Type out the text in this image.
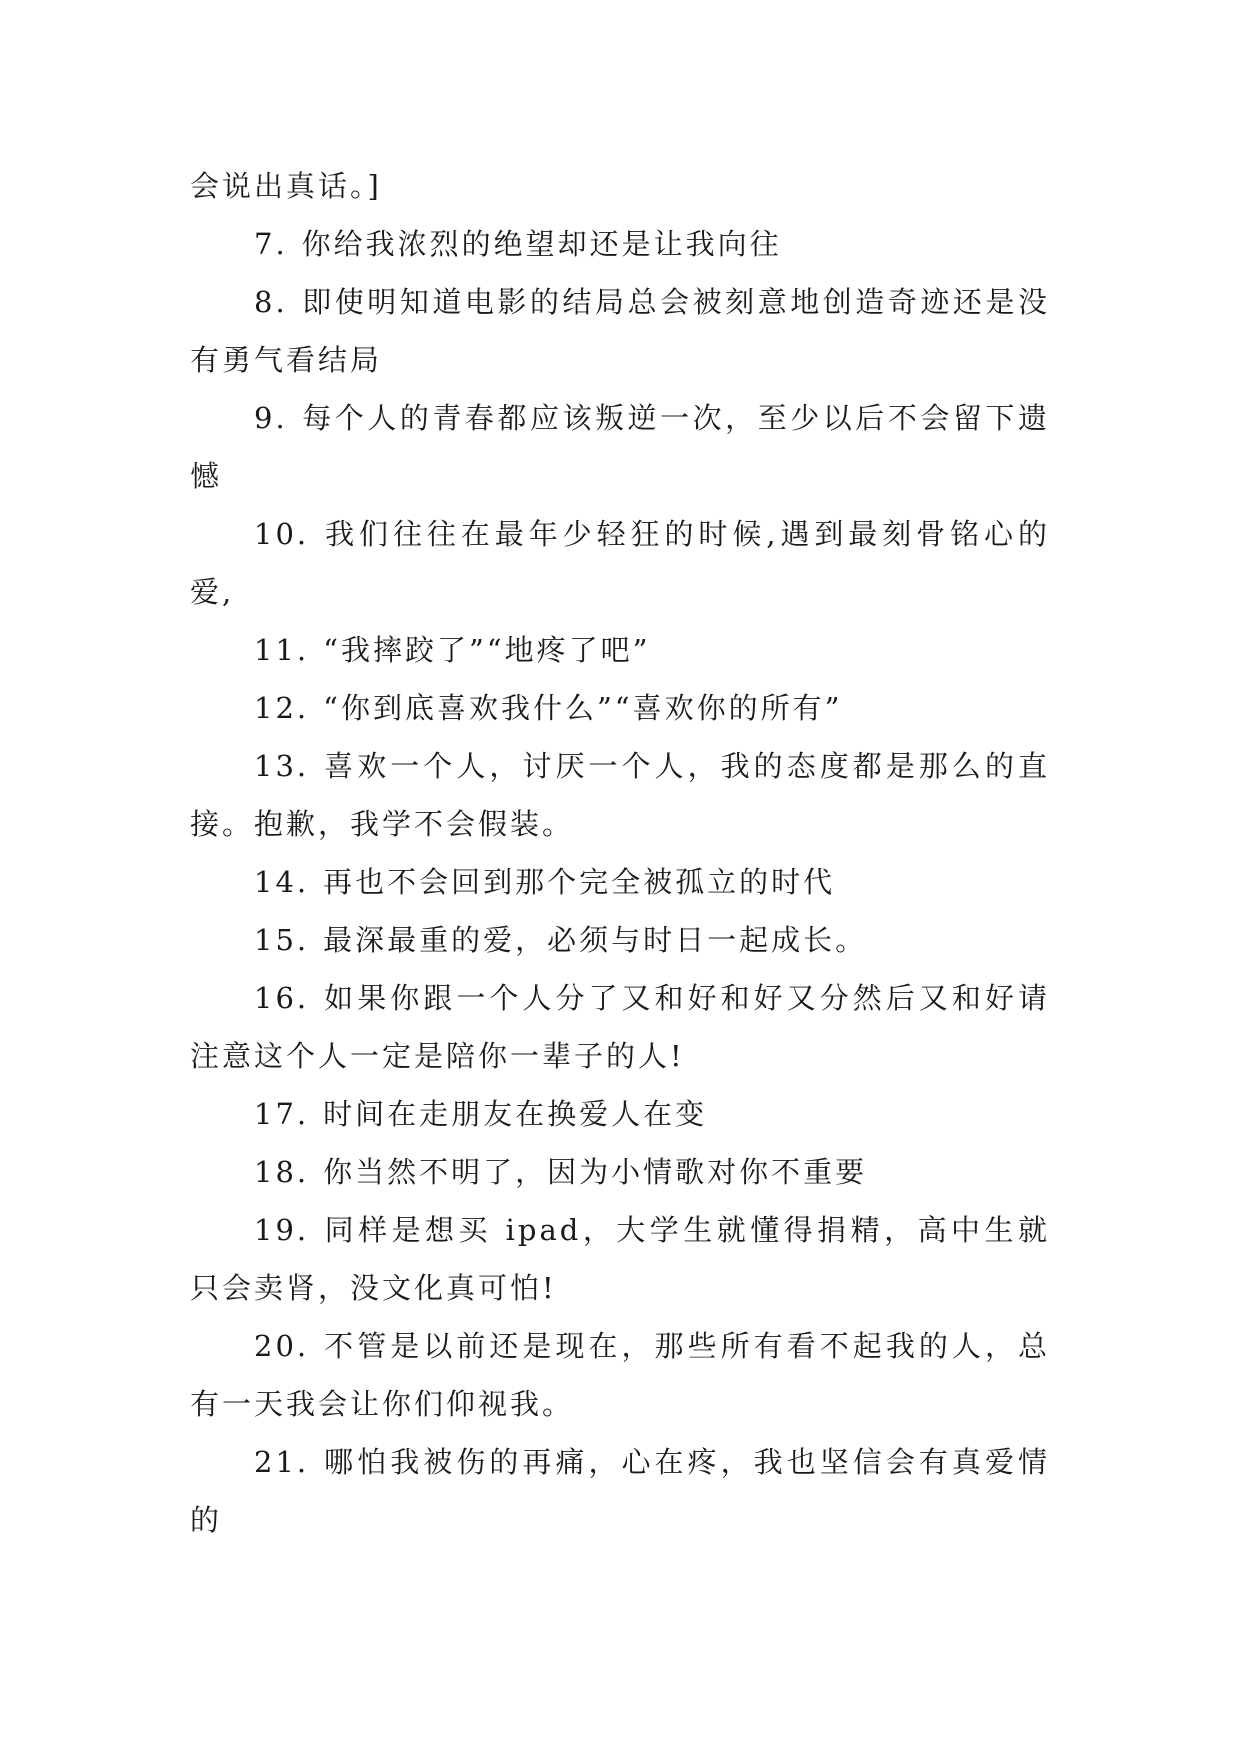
会说出真话。]

7. 你给我浓烈的绝望却还是让我向往

8. 即使明知道电影的结局总会被刻意地创造奇迹还是没有勇气看结局

9. 每个人的青春都应该叛逆一次，至少以后不会留下遗憾

10. 我们往往在最年少轻狂的时候,遇到最刻骨铭心的爱,

11. “我摔跤了”“地疼了吧”

12. “你到底喜欢我什么”“喜欢你的所有”

13. 喜欢一个人，讨厌一个人，我的态度都是那么的直接。抱歉，我学不会假装。

14. 再也不会回到那个完全被孤立的时代

15. 最深最重的爱，必须与时日一起成长。

16. 如果你跟一个人分了又和好和好又分然后又和好请注意这个人一定是陪你一辈子的人!

17. 时间在走朋友在换爱人在变

18. 你当然不明了，因为小情歌对你不重要

19. 同样是想买 ipad，大学生就懂得捐精，高中生就只会卖肾，没文化真可怕!

20. 不管是以前还是现在，那些所有看不起我的人，总有一天我会让你们仰视我。

21. 哪怕我被伤的再痛，心在疼，我也坚信会有真爱情的
